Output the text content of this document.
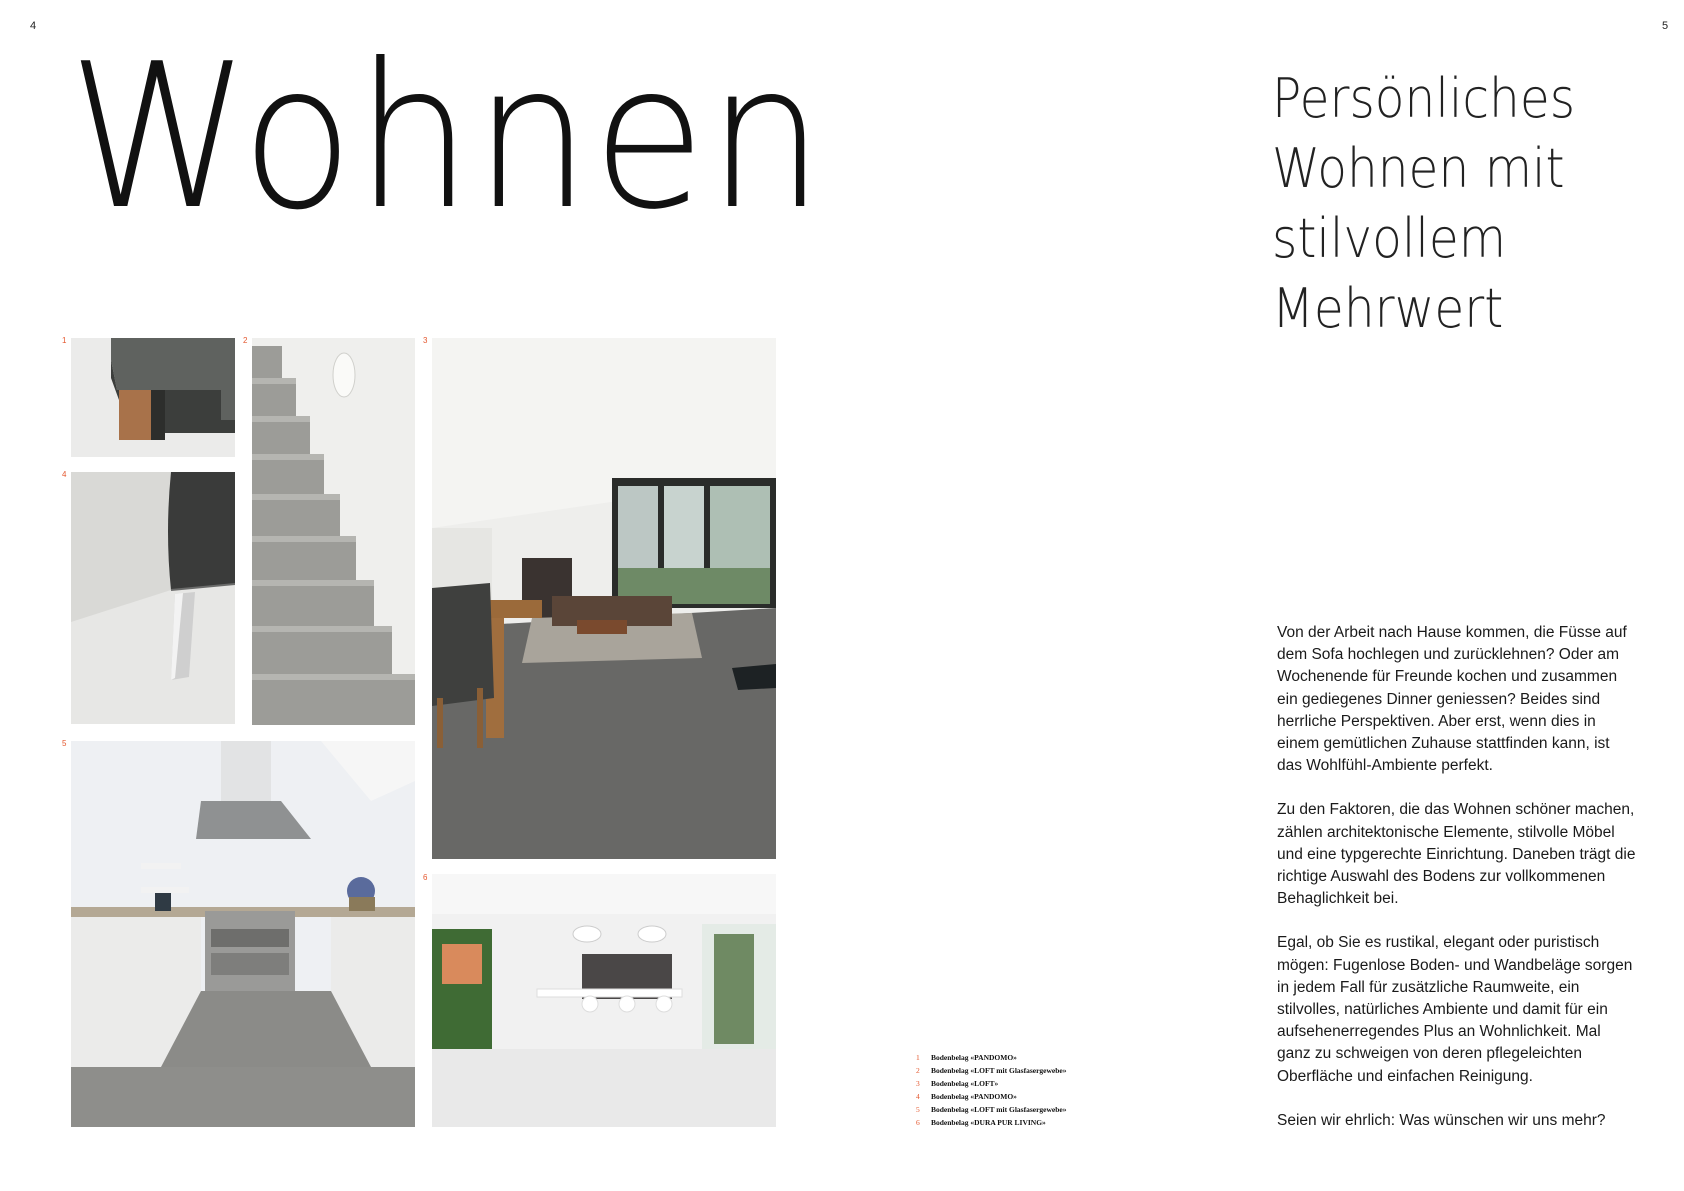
4	5
Wohnen	Persönliches
Wohnen mit
stilvollem
Mehrwert

Von der Arbeit nach Hause kommen, die Füsse auf dem Sofa hochlegen und zurücklehnen? Oder am Wochenende für Freunde kochen und zusammen ein gediegenes Dinner geniessen? Beides sind herrliche Perspektiven. Aber erst, wenn dies in einem gemütlichen Zuhause stattfinden kann, ist das Wohlfühl-Ambiente perfekt.

Zu den Faktoren, die das Wohnen schöner machen, zählen architektonische Elemente, stilvolle Möbel und eine typgerechte Einrichtung. Daneben trägt die richtige Auswahl des Bodens zur vollkommenen Behaglichkeit bei.

Egal, ob Sie es rustikal, elegant oder puristisch mögen: Fugenlose Boden- und Wandbeläge sorgen in jedem Fall für zusätzliche Raumweite, ein stilvolles, natürliches Ambiente und damit für ein aufsehenerregendes Plus an Wohnlichkeit. Mal ganz zu schweigen von deren pflegeleichten Oberfläche und einfachen Reinigung.

Seien wir ehrlich: Was wünschen wir uns mehr?

1	2	3
4
5
6
1	Bodenbelag «PANDOMO»
2	Bodenbelag «LOFT mit Glasfasergewebe»
3	Bodenbelag «LOFT»
4	Bodenbelag «PANDOMO»
5	Bodenbelag «LOFT mit Glasfasergewebe»
6	Bodenbelag «DURA PUR LIVING»
